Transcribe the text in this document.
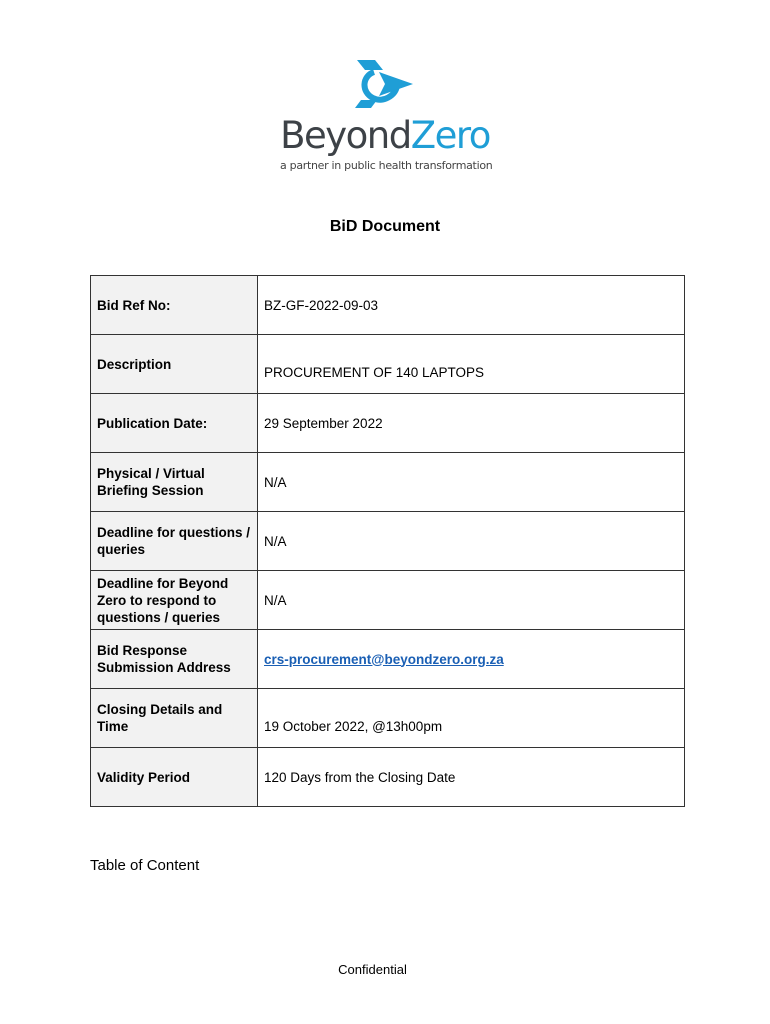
BeyondZero
a partner in public health transformation
BiD Document
Bid Ref No:	BZ-GF-2022-09-03
Description	PROCUREMENT OF 140 LAPTOPS
Publication Date:	29 September 2022
Physical / Virtual Briefing Session	N/A
Deadline for questions / queries	N/A
Deadline for Beyond Zero to respond to questions / queries	N/A
Bid Response Submission Address	crs-procurement@beyondzero.org.za
Closing Details and Time	19 October 2022, @13h00pm
Validity Period	120 Days from the Closing Date
Table of Content
Confidential
